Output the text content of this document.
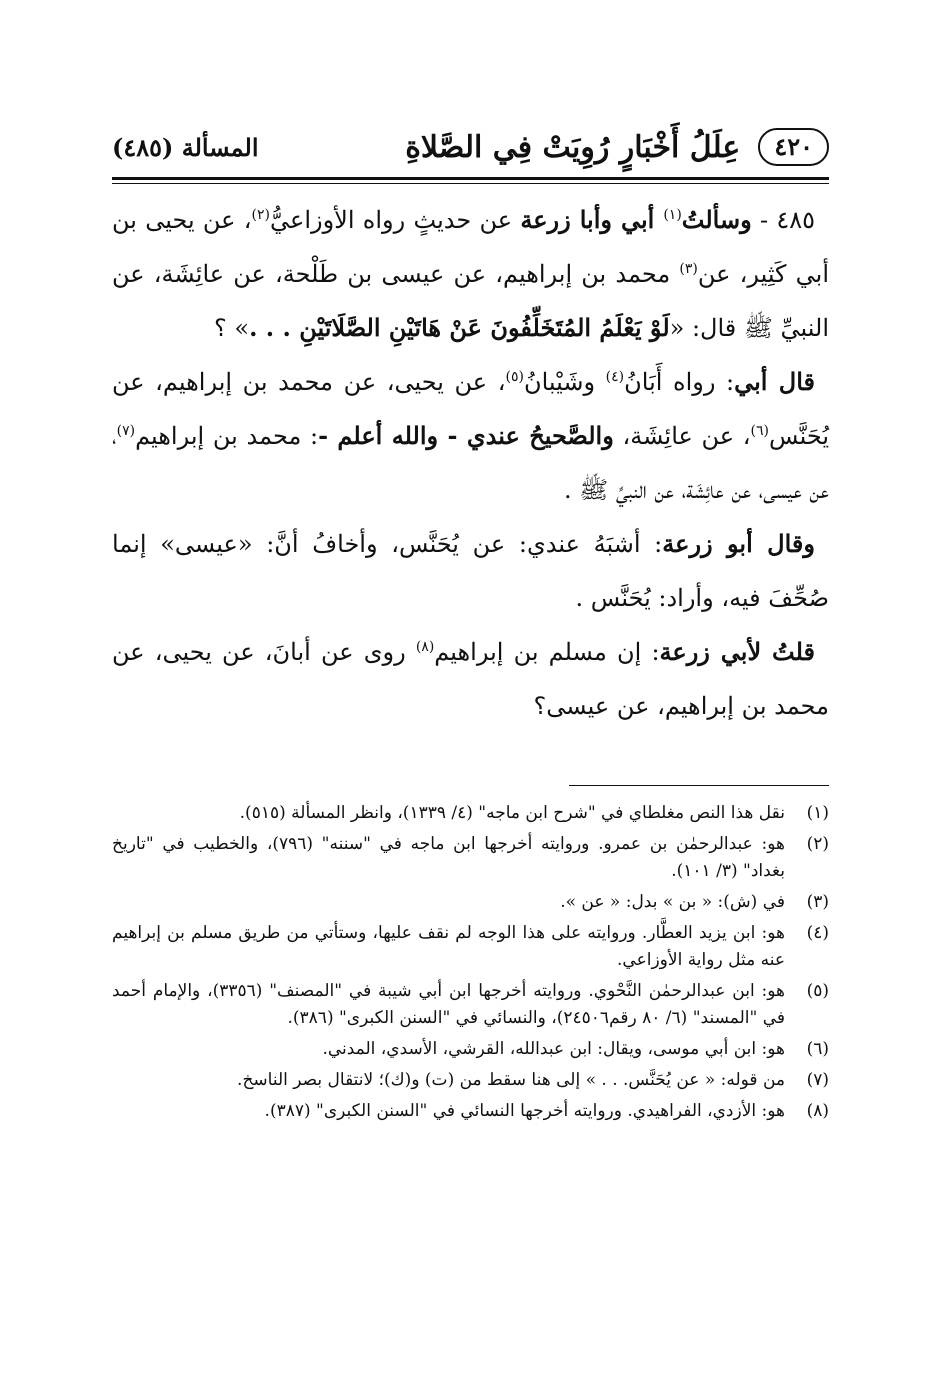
٤٢٠
عِلَلُ أَخْبَارٍ رُوِيَتْ فِي الصَّلاةِ
المسألة (٤٨٥)

٤٨٥ - وسألتُ$^{(١)}$ أبي وأبا زرعة عن حديثٍ رواه الأوزاعيُّ$^{(٢)}$، عن يحيى بن أبي كَثِير، عن$^{(٣)}$ محمد بن إبراهيم، عن عيسى بن طَلْحة، عن عائِشَة، عن النبيِّ ﷺ قال: «لَوْ يَعْلَمُ المُتَخَلِّفُونَ عَنْ هَاتَيْنِ الصَّلَاتَيْنِ . . .» ؟

قال أبي: رواه أَبَانُ$^{(٤)}$ وشَيْبانُ$^{(٥)}$، عن يحيى، عن محمد بن إبراهيم، عن يُحَنَّس$^{(٦)}$، عن عائِشَة، والصَّحيحُ عندي - والله أعلم -: محمد بن إبراهيم$^{(٧)}$، عن عيسى، عن عائِشَة، عن النبيِّ ﷺ .

وقال أبو زرعة: أشبَهُ عندي: عن يُحَنَّس، وأخافُ أنَّ: «عيسى» إنما صُحِّفَ فيه، وأراد: يُحَنَّس .

قلتُ لأبي زرعة: إن مسلم بن إبراهيم$^{(٨)}$ روى عن أبانَ، عن يحيى، عن محمد بن إبراهيم، عن عيسى؟

(١)
نقل هذا النص مغلطاي في "شرح ابن ماجه" (٤/ ١٣٣٩)، وانظر المسألة (٥١٥).
(٢)
هو: عبدالرحمٰن بن عمرو. وروايته أخرجها ابن ماجه في "سننه" (٧٩٦)، والخطيب في "تاريخ بغداد" (٣/ ١٠١).
(٣)
في (ش): « بن » بدل: « عن ».
(٤)
هو: ابن يزيد العطَّار. وروايته على هذا الوجه لم نقف عليها، وستأتي من طريق مسلم بن إبراهيم عنه مثل رواية الأوزاعي.
(٥)
هو: ابن عبدالرحمٰن النَّحْوي. وروايته أخرجها ابن أبي شيبة في "المصنف" (٣٣٥٦)، والإمام أحمد في "المسند" (٦/ ٨٠ رقم٢٤٥٠٦)، والنسائي في "السنن الكبرى" (٣٨٦).
(٦)
هو: ابن أبي موسى، ويقال: ابن عبدالله، القرشي، الأسدي، المدني.
(٧)
من قوله: « عن يُحَنَّس. . . » إلى هنا سقط من (ت) و(ك)؛ لانتقال بصر الناسخ.
(٨)
هو: الأزدي، الفراهيدي. وروايته أخرجها النسائي في "السنن الكبرى" (٣٨٧).
